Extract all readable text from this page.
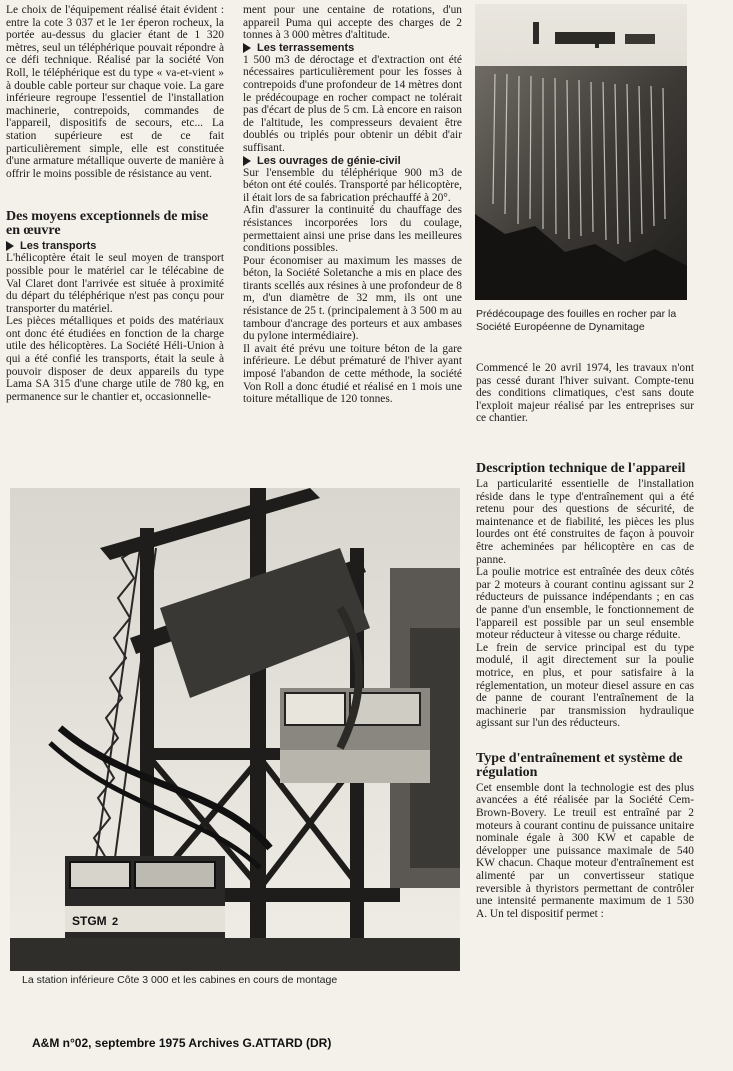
Le choix de l'équipement réalisé était évident : entre la cote 3 037 et le 1er éperon rocheux, la portée au-dessus du glacier étant de 1 320 mètres, seul un téléphérique pouvait répondre à ce défi technique. Réalisé par la société Von Roll, le téléphérique est du type « va-et-vient » à double cable porteur sur chaque voie. La gare inférieure regroupe l'essentiel de l'installation machinerie, contrepoids, commandes de l'appareil, dispositifs de secours, etc... La station supérieure est de ce fait particulièrement simple, elle est constituée d'une armature métallique ouverte de manière à offrir le moins possible de résistance au vent.

Des moyens exceptionnels de mise en œuvre
Les transports

L'hélicoptère était le seul moyen de transport possible pour le matériel car le télécabine de Val Claret dont l'arrivée est située à proximité du départ du téléphérique n'est pas conçu pour transporter du matériel.

Les pièces métalliques et poids des matériaux ont donc été étudiées en fonction de la charge utile des hélicoptères. La Société Héli-Union à qui a été confié les transports, était la seule à pouvoir disposer de deux appareils du type Lama SA 315 d'une charge utile de 780 kg, en permanence sur le chantier et, occasionnelle-

ment pour une centaine de rotations, d'un appareil Puma qui accepte des charges de 2 tonnes à 3 000 mètres d'altitude.

Les terrassements

1 500 m3 de déroctage et d'extraction ont été nécessaires particulièrement pour les fosses à contrepoids d'une profondeur de 14 mètres dont le prédécoupage en rocher compact ne tolérait pas d'écart de plus de 5 cm. Là encore en raison de l'altitude, les compresseurs devaient être doublés ou triplés pour obtenir un débit d'air suffisant.

Les ouvrages de génie-civil

Sur l'ensemble du téléphérique 900 m3 de béton ont été coulés. Transporté par hélicoptère, il était lors de sa fabrication préchauffé à 20°.

Afin d'assurer la continuité du chauffage des résistances incorporées lors du coulage, permettaient ainsi une prise dans les meilleures conditions possibles.

Pour économiser au maximum les masses de béton, la Société Soletanche a mis en place des tirants scellés aux résines à une profondeur de 8 m, d'un diamètre de 32 mm, ils ont une résistance de 25 t. (principalement à 3 500 m au tambour d'ancrage des porteurs et aux ambases du pylone intermédiaire).

Il avait été prévu une toiture béton de la gare inférieure. Le début prématuré de l'hiver ayant imposé l'abandon de cette méthode, la société Von Roll a donc étudié et réalisé en 1 mois une toiture métallique de 120 tonnes.

Prédécoupage des fouilles en rocher par la Société Européenne de Dynamitage

Commencé le 20 avril 1974, les travaux n'ont pas cessé durant l'hiver suivant. Compte-tenu des conditions climatiques, c'est sans doute l'exploit majeur réalisé par les entreprises sur ce chantier.

Description technique de l'appareil

La particularité essentielle de l'installation réside dans le type d'entraînement qui a été retenu pour des questions de sécurité, de maintenance et de fiabilité, les pièces les plus lourdes ont été construites de façon à pouvoir être acheminées par hélicoptère en cas de panne.

La poulie motrice est entraînée des deux côtés par 2 moteurs à courant continu agissant sur 2 réducteurs de puissance indépendants ; en cas de panne d'un ensemble, le fonctionnement de l'appareil est possible par un seul ensemble moteur réducteur à vitesse ou charge réduite.

Le frein de service principal est du type modulé, il agit directement sur la poulie motrice, en plus, et pour satisfaire à la réglementation, un moteur diesel assure en cas de panne de courant l'entraînement de la machinerie par transmission hydraulique agissant sur l'un des réducteurs.

Type d'entraînement et système de régulation

Cet ensemble dont la technologie est des plus avancées a été réalisée par la Société Cem-Brown-Bovery. Le treuil est entraîné par 2 moteurs à courant continu de puissance unitaire nominale égale à 300 KW et capable de développer une puissance maximale de 540 KW chacun. Chaque moteur d'entraînement est alimenté par un convertisseur statique reversible à thyristors permettant de contrôler une intensité permanente maximum de 1 530 A. Un tel dispositif permet :

STGM 2
La station inférieure Côte 3 000 et les cabines en cours de montage
A&M n°02, septembre 1975 Archives G.ATTARD (DR)
